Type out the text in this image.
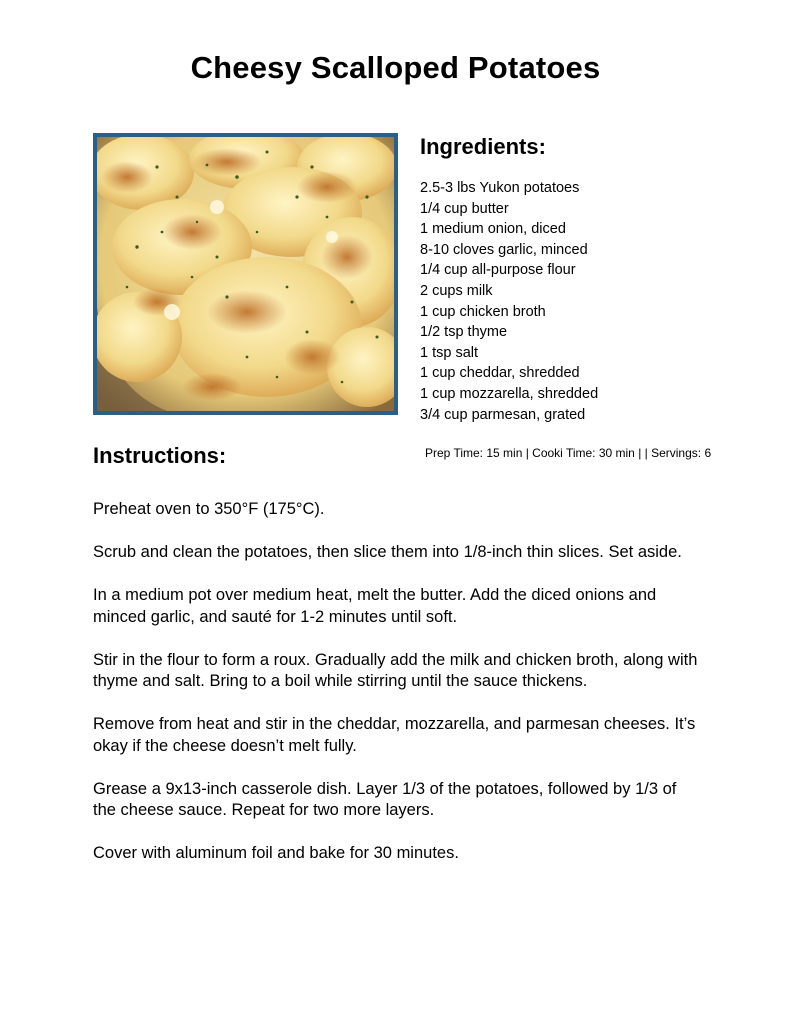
Cheesy Scalloped Potatoes
Ingredients:
2.5-3 lbs Yukon potatoes
1/4 cup butter
1 medium onion, diced
8-10 cloves garlic, minced
1/4 cup all-purpose flour
2 cups milk
1 cup chicken broth
1/2 tsp thyme
1 tsp salt
1 cup cheddar, shredded
1 cup mozzarella, shredded
3/4 cup parmesan, grated
Instructions:	Prep Time: 15 min | Cooki Time: 30 min | | Servings: 6

Preheat oven to 350°F (175°C).

Scrub and clean the potatoes, then slice them into 1/8-inch thin slices. Set aside.

In a medium pot over medium heat, melt the butter. Add the diced onions and minced garlic, and sauté for 1-2 minutes until soft.

Stir in the flour to form a roux. Gradually add the milk and chicken broth, along with thyme and salt. Bring to a boil while stirring until the sauce thickens.

Remove from heat and stir in the cheddar, mozzarella, and parmesan cheeses. It’s okay if the cheese doesn’t melt fully.

Grease a 9x13-inch casserole dish. Layer 1/3 of the potatoes, followed by 1/3 of the cheese sauce. Repeat for two more layers.

Cover with aluminum foil and bake for 30 minutes.
